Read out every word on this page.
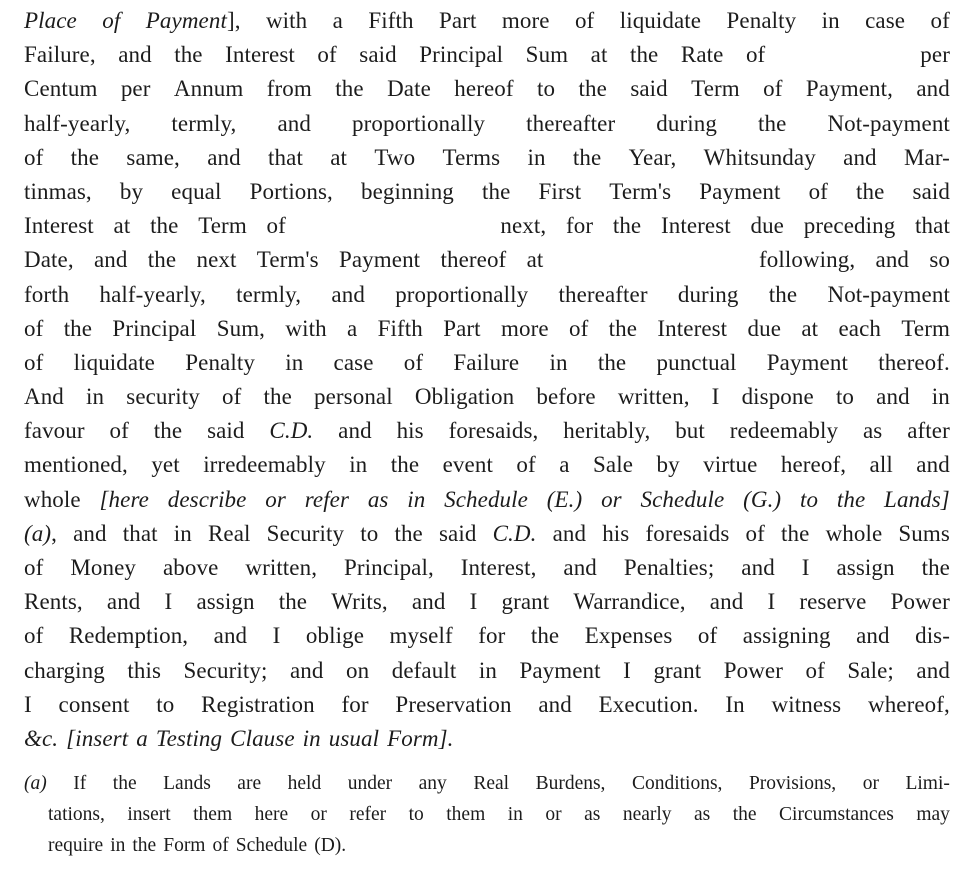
Place of Payment], with a Fifth Part more of liquidate Penalty in case of
Failure, and the Interest of said Principal Sum at the Rate of	per
Centum per Annum from the Date hereof to the said Term of Payment, and
half-yearly, termly, and proportionally thereafter during the Not-payment
of the same, and that at Two Terms in the Year, Whitsunday and Mar-
tinmas, by equal Portions, beginning the First Term's Payment of the said
Interest at the Term of	next, for the Interest due preceding that
Date, and the next Term's Payment thereof at	following, and so
forth half-yearly, termly, and proportionally thereafter during the Not-payment
of the Principal Sum, with a Fifth Part more of the Interest due at each Term
of liquidate Penalty in case of Failure in the punctual Payment thereof.
And in security of the personal Obligation before written, I dispone to and in
favour of the said C.D. and his foresaids, heritably, but redeemably as after
mentioned, yet irredeemably in the event of a Sale by virtue hereof, all and
whole [here describe or refer as in Schedule (E.) or Schedule (G.) to the Lands]
(a), and that in Real Security to the said C.D. and his foresaids of the whole Sums
of Money above written, Principal, Interest, and Penalties; and I assign the
Rents, and I assign the Writs, and I grant Warrandice, and I reserve Power
of Redemption, and I oblige myself for the Expenses of assigning and dis-
charging this Security; and on default in Payment I grant Power of Sale; and
I consent to Registration for Preservation and Execution. In witness whereof,
&c. [insert a Testing Clause in usual Form].
(a) If the Lands are held under any Real Burdens, Conditions, Provisions, or Limi-
tations, insert them here or refer to them in or as nearly as the Circumstances may
require in the Form of Schedule (D).
